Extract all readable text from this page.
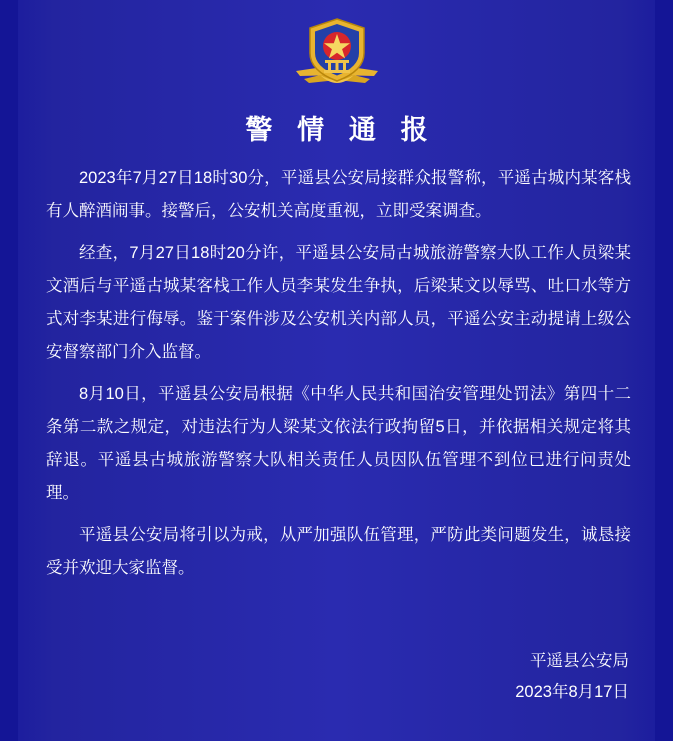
警 情 通 报

2023年7月27日18时30分，平遥县公安局接群众报警称，平遥古城内某客栈有人醉酒闹事。接警后，公安机关高度重视，立即受案调查。

经查，7月27日18时20分许，平遥县公安局古城旅游警察大队工作人员梁某文酒后与平遥古城某客栈工作人员李某发生争执，后梁某文以辱骂、吐口水等方式对李某进行侮辱。鉴于案件涉及公安机关内部人员，平遥公安主动提请上级公安督察部门介入监督。

8月10日，平遥县公安局根据《中华人民共和国治安管理处罚法》第四十二条第二款之规定，对违法行为人梁某文依法行政拘留5日，并依据相关规定将其辞退。平遥县古城旅游警察大队相关责任人员因队伍管理不到位已进行问责处理。

平遥县公安局将引以为戒，从严加强队伍管理，严防此类问题发生，诚恳接受并欢迎大家监督。

平遥县公安局
2023年8月17日
